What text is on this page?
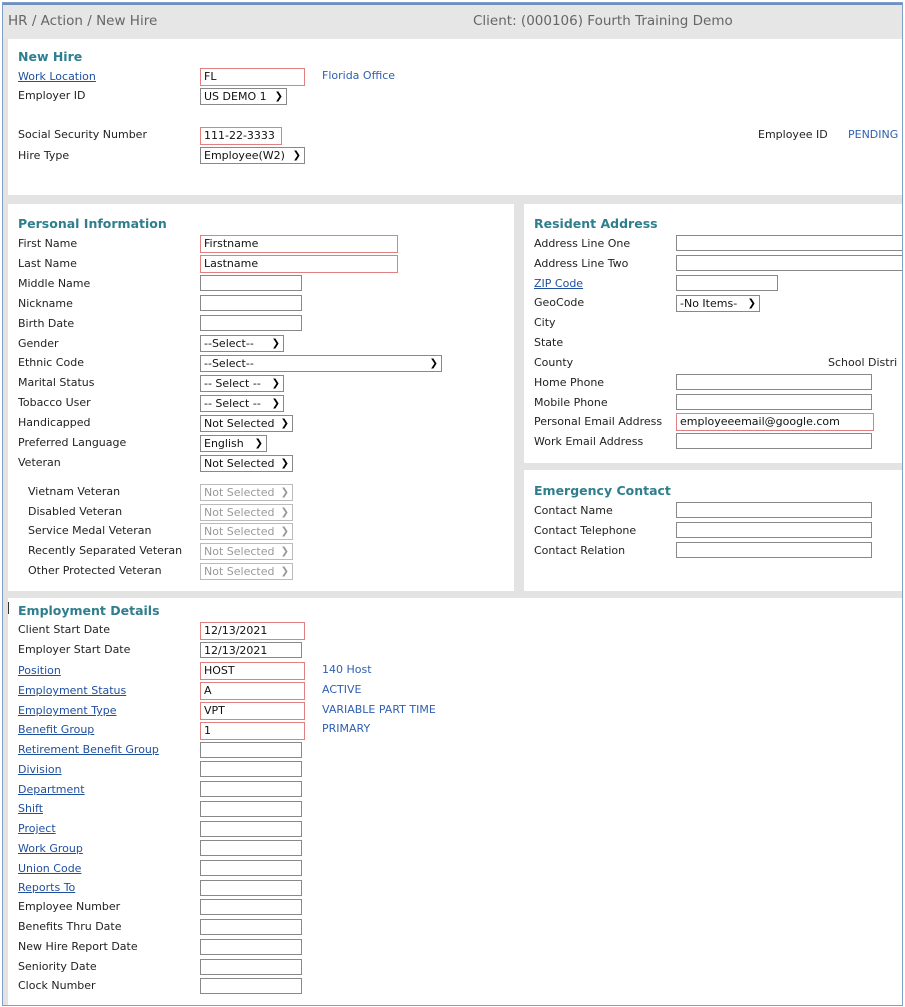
HR / Action / New Hire	Client: (000106) Fourth Training Demo
New Hire
Work Location	FL	Florida Office
Employer ID	US DEMO 1 ❯
Social Security Number	111-22-3333	Employee ID PENDING
Hire Type	Employee(W2) ❯
Personal Information
First Name	Firstname
Last Name	Lastname
Middle Name
Nickname
Birth Date
Gender	--Select-- ❯
Ethnic Code	--Select--	❯
Marital Status	-- Select -- ❯
Tobacco User	-- Select -- ❯
Handicapped	Not Selected ❯
Preferred Language	English ❯
Veteran	Not Selected ❯
Vietnam Veteran	Not Selected ❯
Disabled Veteran	Not Selected ❯
Service Medal Veteran	Not Selected ❯
Recently Separated Veteran	Not Selected ❯
Other Protected Veteran	Not Selected ❯
Resident Address
Address Line One
Address Line Two
ZIP Code
GeoCode	-No Items- ❯
City
State
County	School Distri
Home Phone
Mobile Phone
Personal Email Address	employeeemail@google.com
Work Email Address
Emergency Contact
Contact Name
Contact Telephone
Contact Relation
Employment Details
Client Start Date	12/13/2021
Employer Start Date	12/13/2021
Position	HOST	140 Host
Employment Status	A	ACTIVE
Employment Type	VPT	VARIABLE PART TIME
Benefit Group	1	PRIMARY
Retirement Benefit Group
Division
Department
Shift
Project
Work Group
Union Code
Reports To
Employee Number
Benefits Thru Date
New Hire Report Date
Seniority Date
Clock Number
